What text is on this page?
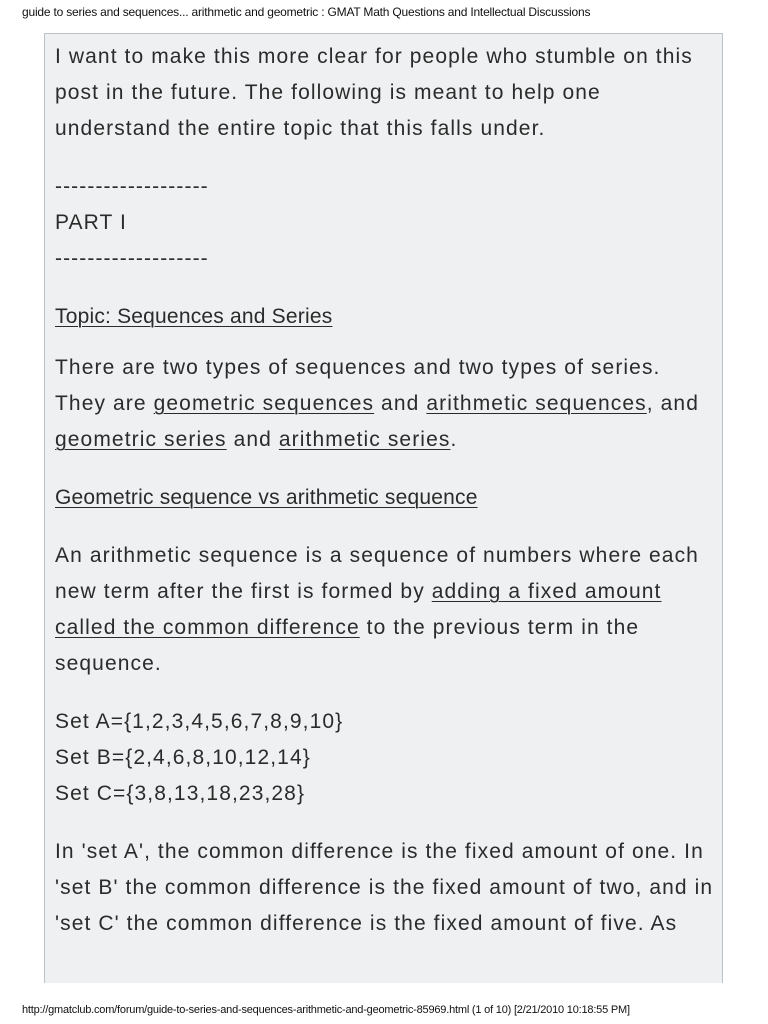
guide to series and sequences... arithmetic and geometric : GMAT Math Questions and Intellectual Discussions

I want to make this more clear for people who stumble on this post in the future. The following is meant to help one understand the entire topic that this falls under.

-------------------

PART I

-------------------

Topic: Sequences and Series

There are two types of sequences and two types of series. They are geometric sequences and arithmetic sequences, and geometric series and arithmetic series.

Geometric sequence vs arithmetic sequence

An arithmetic sequence is a sequence of numbers where each new term after the first is formed by adding a fixed amount called the common difference to the previous term in the sequence.

Set A={1,2,3,4,5,6,7,8,9,10}

Set B={2,4,6,8,10,12,14}

Set C={3,8,13,18,23,28}

In 'set A', the common difference is the fixed amount of one. In 'set B' the common difference is the fixed amount of two, and in 'set C' the common difference is the fixed amount of five. As

http://gmatclub.com/forum/guide-to-series-and-sequences-arithmetic-and-geometric-85969.html (1 of 10) [2/21/2010 10:18:55 PM]
